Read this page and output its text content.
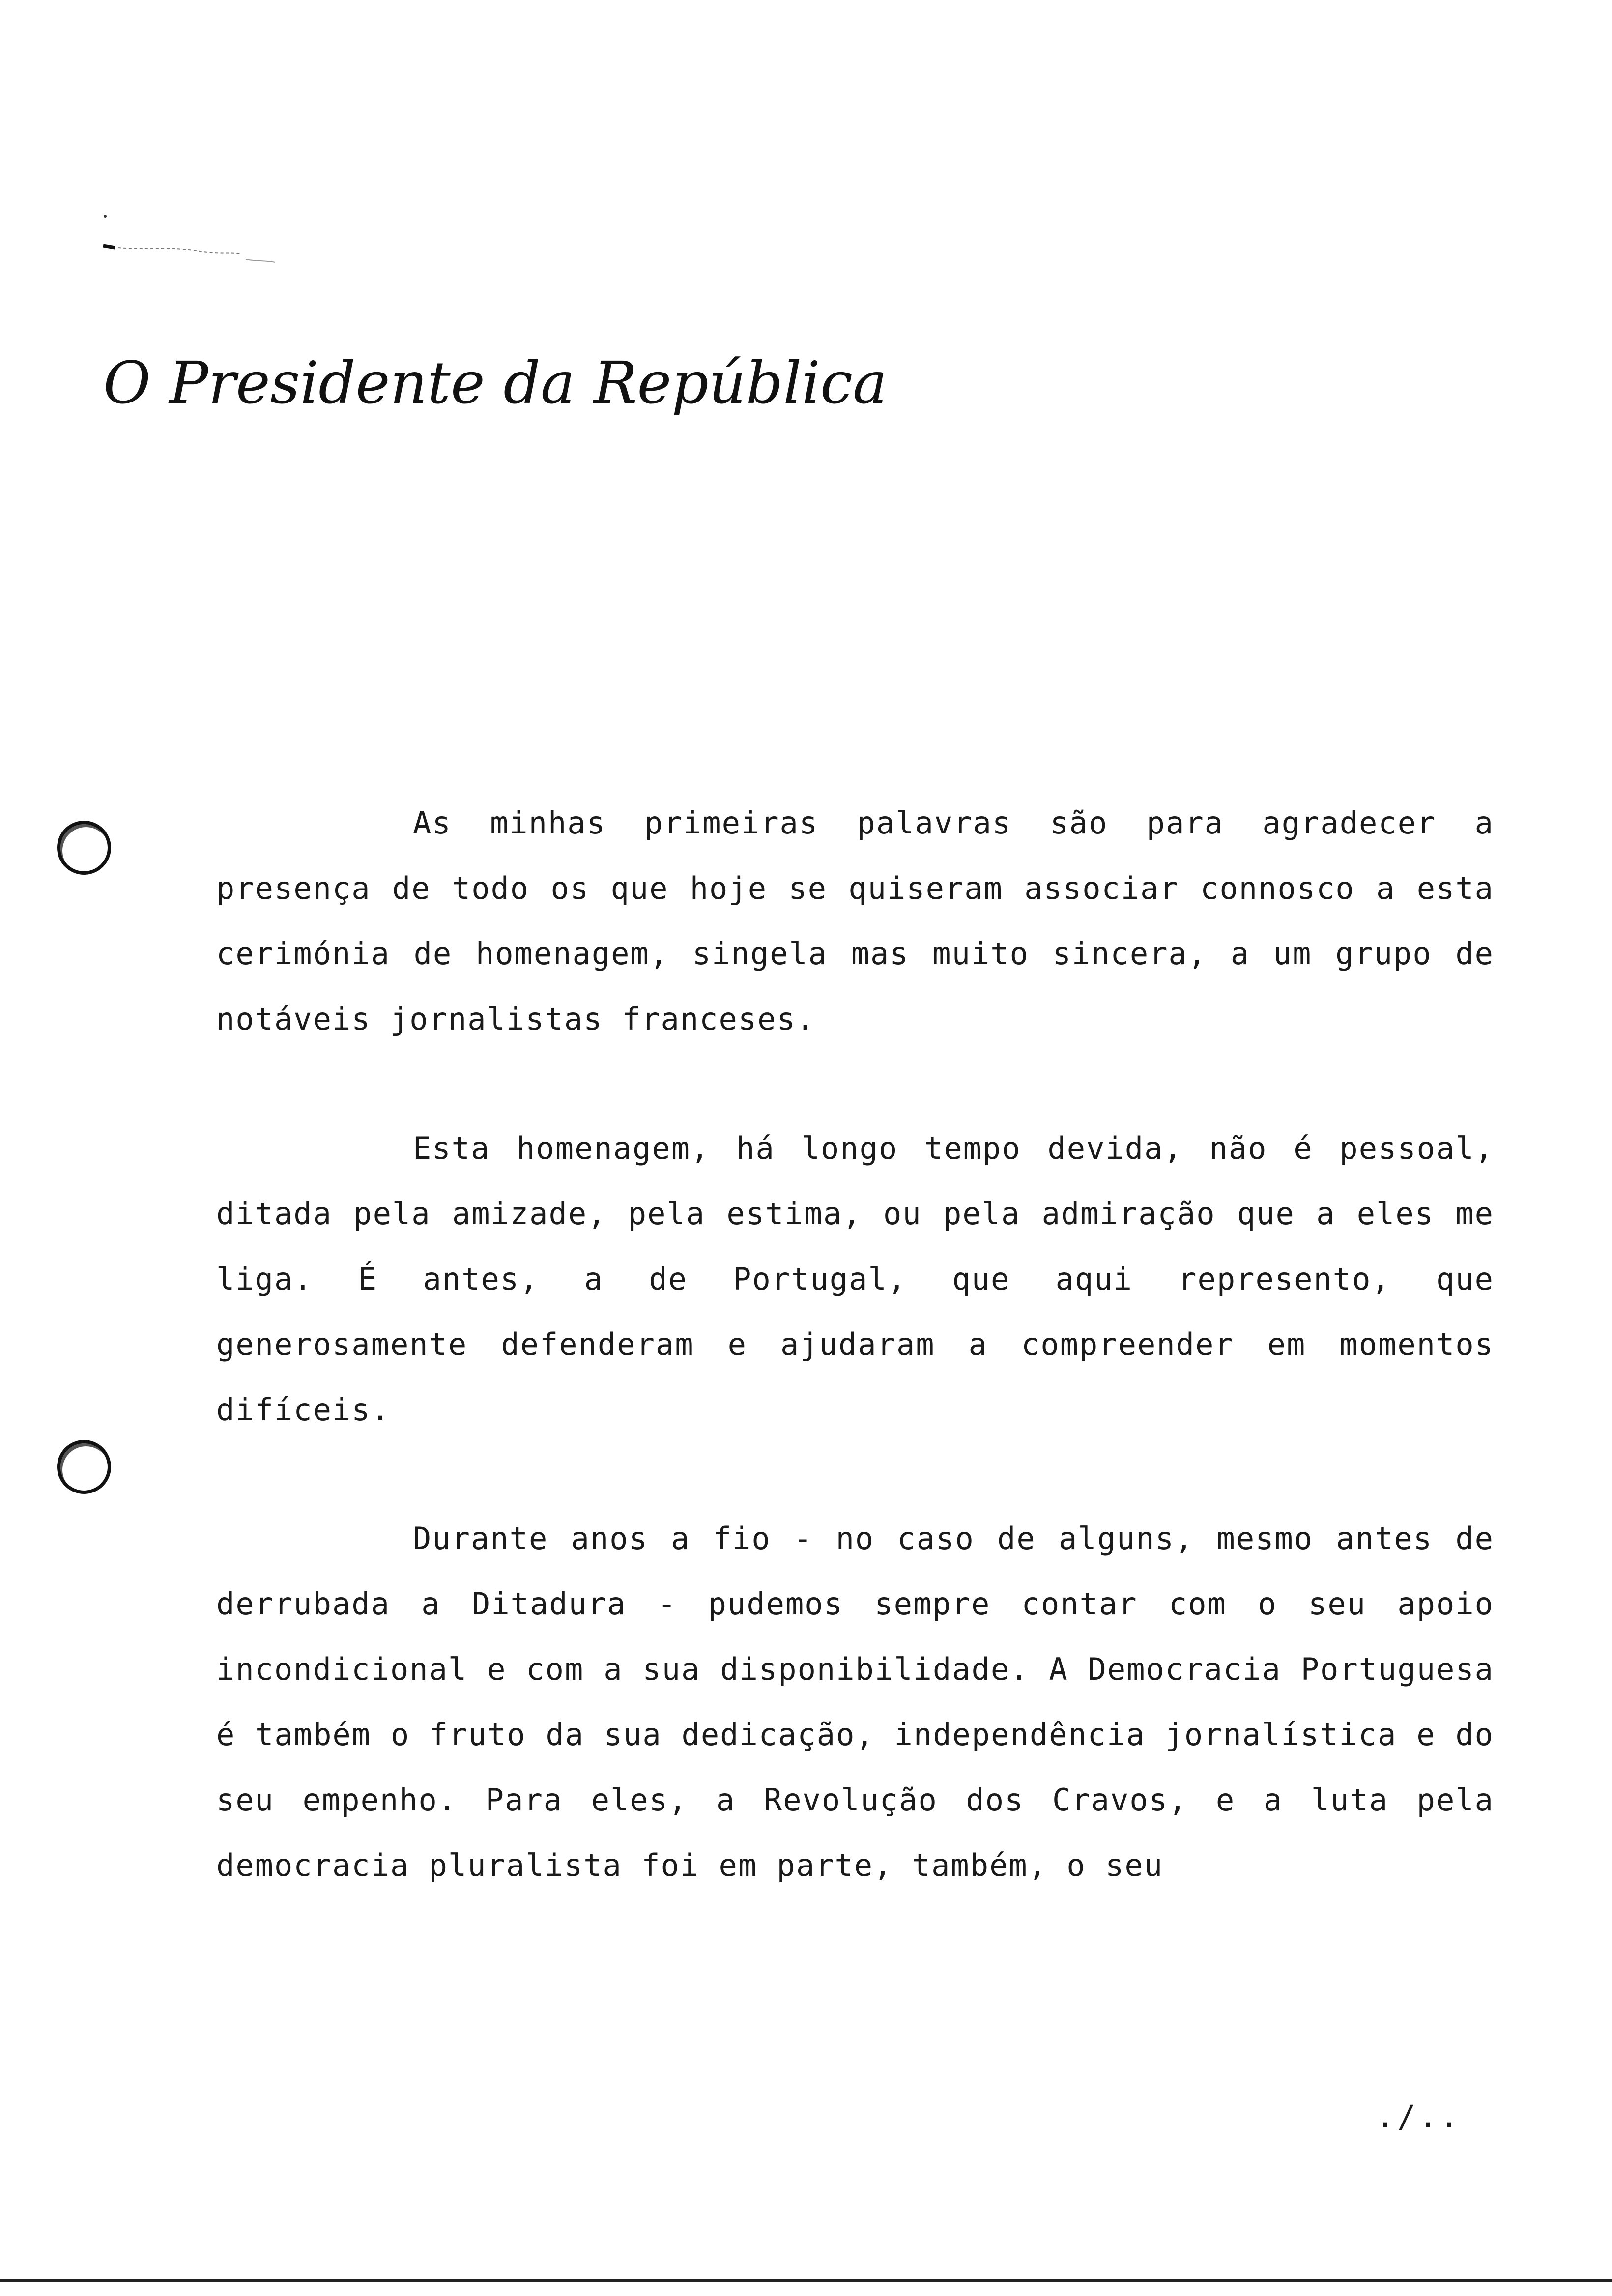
O Presidente da República

As minhas primeiras palavras são para agradecer a presença de todo os que hoje se quiseram associar connosco a esta cerimónia de homenagem, singela mas muito sincera, a um grupo de notáveis jornalistas franceses.

Esta homenagem, há longo tempo devida, não é pessoal, ditada pela amizade, pela estima, ou pela admiração que a eles me liga. É antes, a de Portugal, que aqui represento, que generosamente defenderam e ajudaram a compreender em momentos difíceis.

Durante anos a fio - no caso de alguns, mesmo antes de derrubada a Ditadura - pudemos sempre contar com o seu apoio incondicional e com a sua disponibilidade. A Democracia Portuguesa é também o fruto da sua dedicação, independência jornalística e do seu empenho. Para eles, a Revolução dos Cravos, e a luta pela democracia pluralista foi em parte, também, o seu

./..
